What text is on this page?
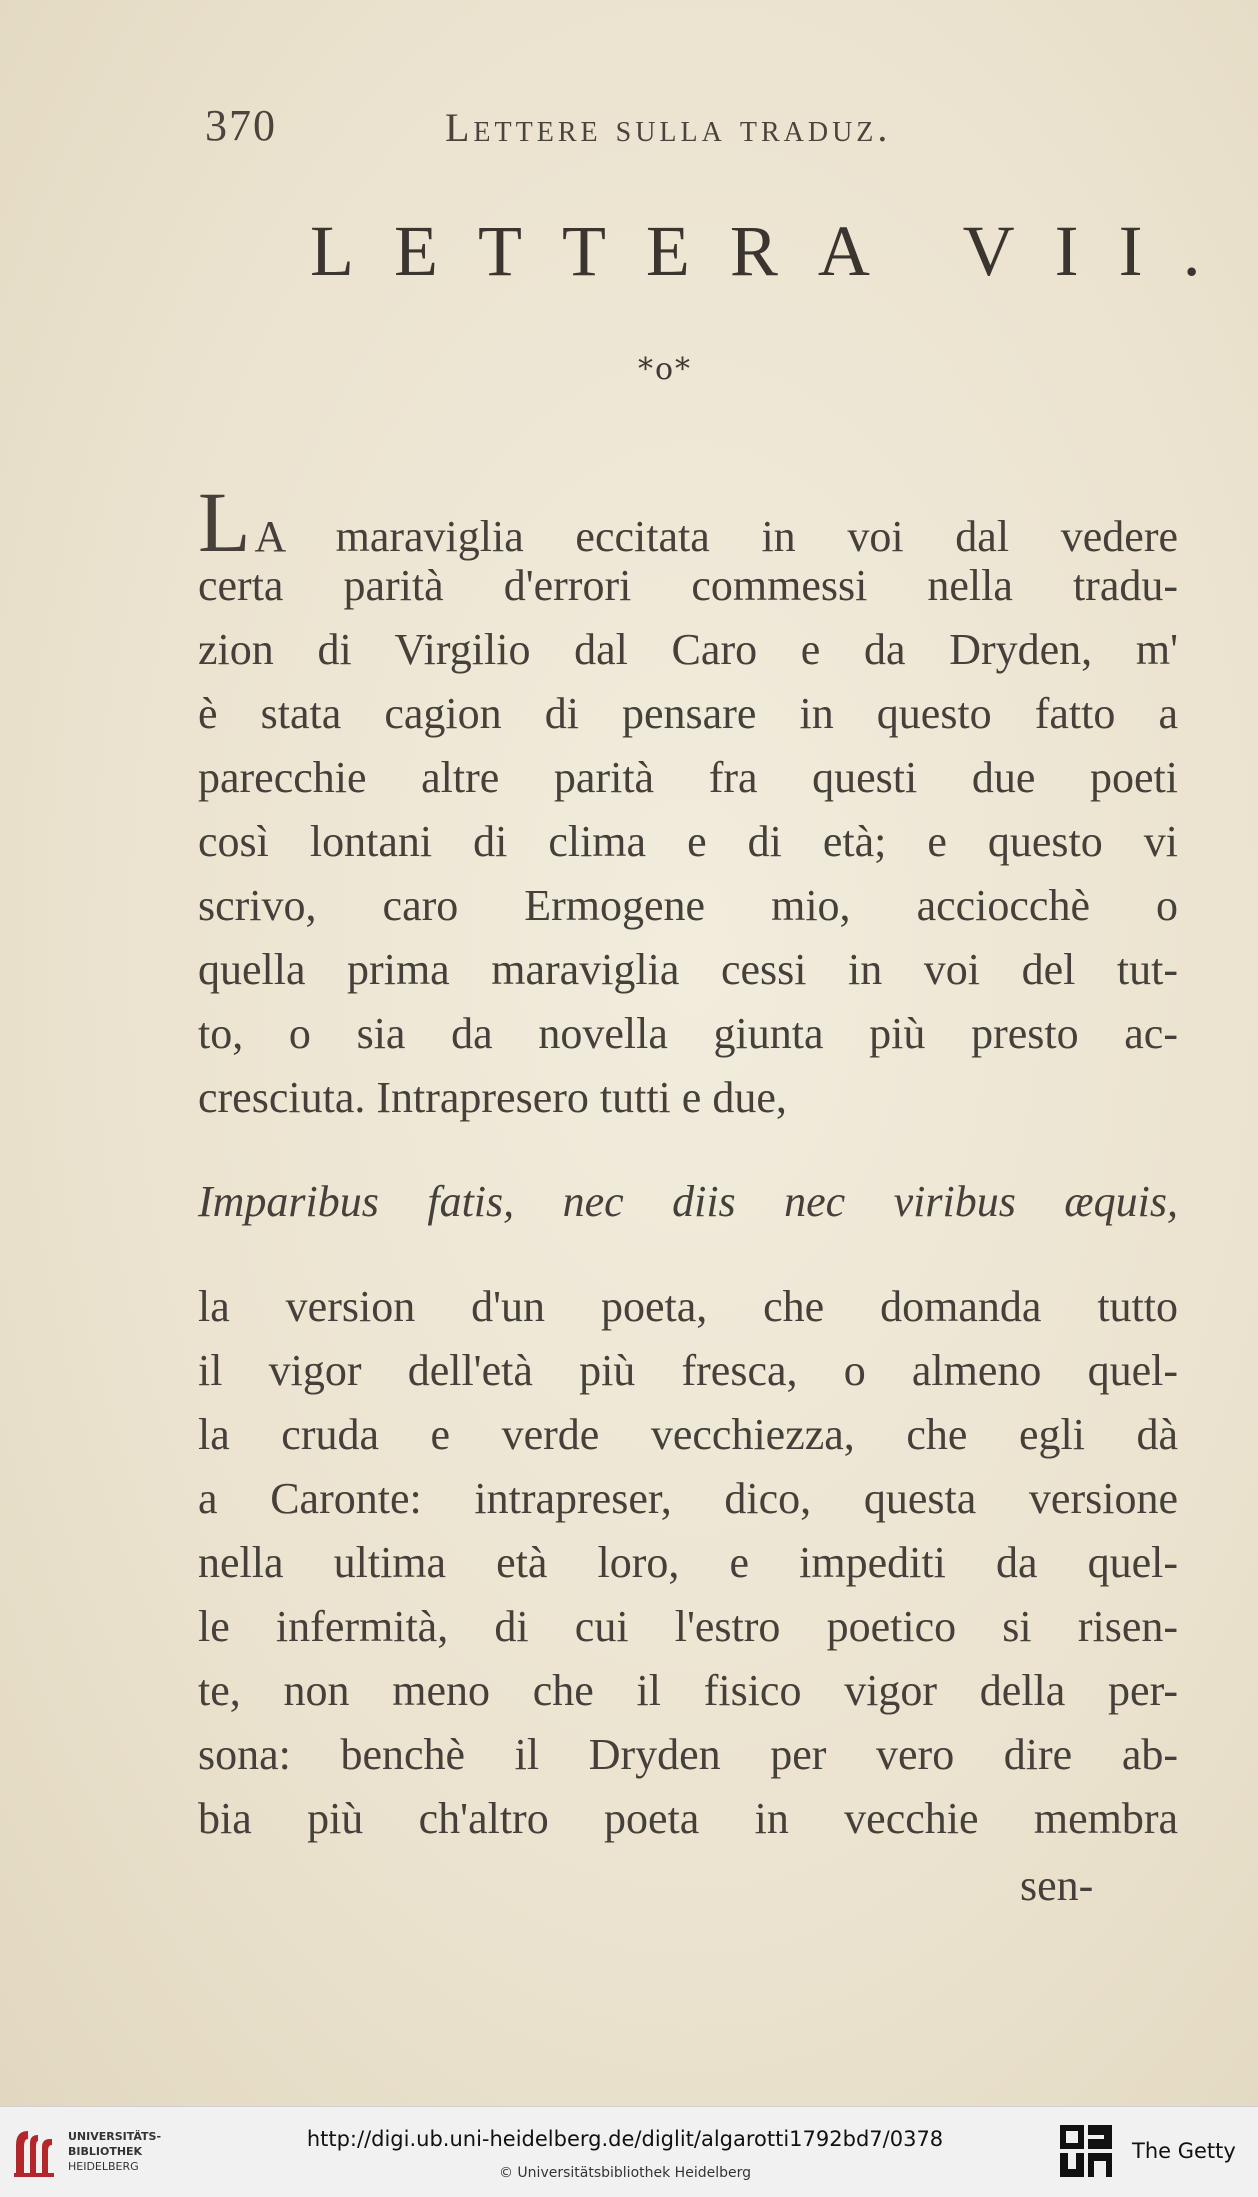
370	Lettere sulla traduz.
LETTERA VII.
*o*
LA maraviglia eccitata in voi dal vedere
certa parità d'errori commessi nella tradu-
zion di Virgilio dal Caro e da Dryden, m'
è stata cagion di pensare in questo fatto a
parecchie altre parità fra questi due poeti
così lontani di clima e di età; e questo vi
scrivo, caro Ermogene mio, acciocchè o
quella prima maraviglia cessi in voi del tut-
to, o sia da novella giunta più presto ac-
cresciuta. Intrapresero tutti e due,
Imparibus fatis, nec diis nec viribus æquis,
la version d'un poeta, che domanda tutto
il vigor dell'età più fresca, o almeno quel-
la cruda e verde vecchiezza, che egli dà
a Caronte: intrapreser, dico, questa versione
nella ultima età loro, e impediti da quel-
le infermità, di cui l'estro poetico si risen-
te, non meno che il fisico vigor della per-
sona: benchè il Dryden per vero dire ab-
bia più ch'altro poeta in vecchie membra
sen-
UNIVERSITÄTS-
BIBLIOTHEK
HEIDELBERG
http://digi.ub.uni-heidelberg.de/diglit/algarotti1792bd7/0378
© Universitätsbibliothek Heidelberg
The Getty
